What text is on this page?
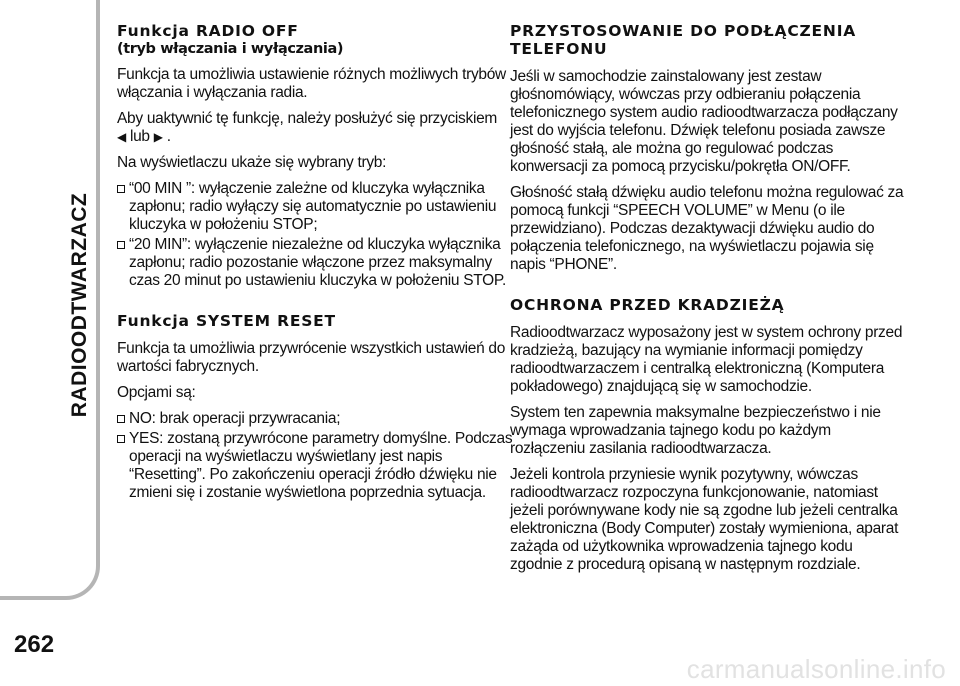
RADIOODTWARZACZ
262
carmanualsonline.info
Funkcja RADIO OFF
(tryb włączania i wyłączania)

Funkcja ta umożliwia ustawienie różnych możliwych trybów włączania i wyłączania radia.

Aby uaktywnić tę funkcję, należy posłużyć się przyciskiem
◀ lub ▶ .

Na wyświetlaczu ukaże się wybrany tryb:

“00 MIN ”: wyłączenie zależne od kluczyka wyłącznika zapłonu; radio wyłączy się automatycznie po ustawieniu kluczyka w położeniu STOP;
“20 MIN”: wyłączenie niezależne od kluczyka wyłącznika zapłonu; radio pozostanie włączone przez maksymalny czas 20 minut po ustawieniu kluczyka w położeniu STOP.
Funkcja SYSTEM RESET

Funkcja ta umożliwia przywrócenie wszystkich ustawień do wartości fabrycznych.

Opcjami są:

NO: brak operacji przywracania;
YES: zostaną przywrócone parametry domyślne. Podczas operacji na wyświetlaczu wyświetlany jest napis “Resetting”. Po zakończeniu operacji źródło dźwięku nie zmieni się i zostanie wyświetlona poprzednia sytuacja.
PRZYSTOSOWANIE DO PODŁĄCZENIA TELEFONU

Jeśli w samochodzie zainstalowany jest zestaw głośnomówiący, wówczas przy odbieraniu połączenia telefonicznego system audio radioodtwarzacza podłączany jest do wyjścia telefonu. Dźwięk telefonu posiada zawsze głośność stałą, ale można go regulować podczas konwersacji za pomocą przycisku/pokrętła ON/OFF.

Głośność stałą dźwięku audio telefonu można regulować za pomocą funkcji “SPEECH VOLUME” w Menu (o ile przewidziano). Podczas dezaktywacji dźwięku audio do połączenia telefonicznego, na wyświetlaczu pojawia się napis “PHONE”.

OCHRONA PRZED KRADZIEŻĄ

Radioodtwarzacz wyposażony jest w system ochrony przed kradzieżą, bazujący na wymianie informacji pomiędzy radioodtwarzaczem i centralką elektroniczną (Komputera pokładowego) znajdującą się w samochodzie.

System ten zapewnia maksymalne bezpieczeństwo i nie wymaga wprowadzania tajnego kodu po każdym rozłączeniu zasilania radioodtwarzacza.

Jeżeli kontrola przyniesie wynik pozytywny, wówczas radioodtwarzacz rozpoczyna funkcjonowanie, natomiast jeżeli porównywane kody nie są zgodne lub jeżeli centralka elektroniczna (Body Computer) zostały wymieniona, aparat zażąda od użytkownika wprowadzenia tajnego kodu zgodnie z procedurą opisaną w następnym rozdziale.
